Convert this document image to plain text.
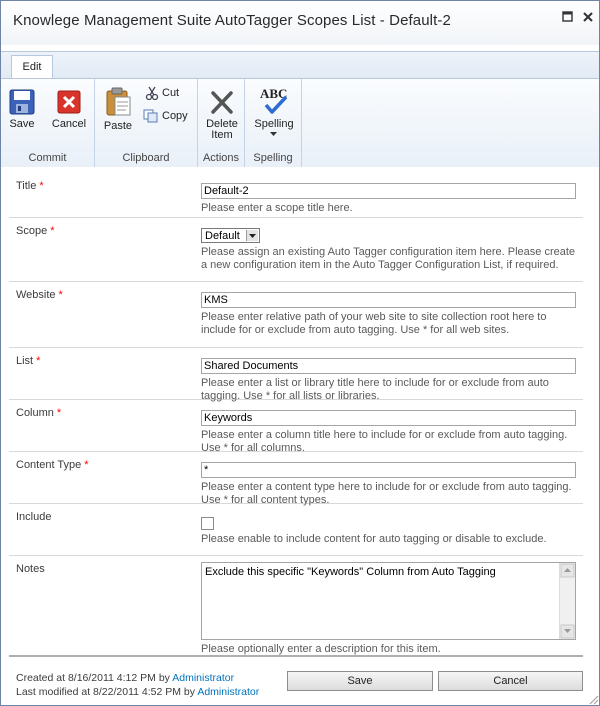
Knowlege Management Suite AutoTagger Scopes List - Default-2
Edit
Save Cancel
Commit
Paste
Cut
Copy
Clipboard
Delete
Item
Actions
ABC
Spelling
Spelling
Title *
Default-2
Please enter a scope title here.
Scope *	Default
Please assign an existing Auto Tagger configuration item here. Please create a new configuration item in the Auto Tagger Configuration List, if required.
Website *
KMS
Please enter relative path of your web site to site collection root here to include for or exclude from auto tagging. Use * for all web sites.
List *
Shared Documents
Please enter a list or library title here to include for or exclude from auto tagging. Use * for all lists or libraries.
Column *
Keywords
Please enter a column title here to include for or exclude from auto tagging. Use * for all columns.
Content Type *
*
Please enter a content type here to include for or exclude from auto tagging. Use * for all content types.
Include
Please enable to include content for auto tagging or disable to exclude.
Notes	Exclude this specific "Keywords" Column from Auto Tagging
Please optionally enter a description for this item.
Created at 8/16/2011 4:12 PM by Administrator
Last modified at 8/22/2011 4:52 PM by Administrator
Save	Cancel
